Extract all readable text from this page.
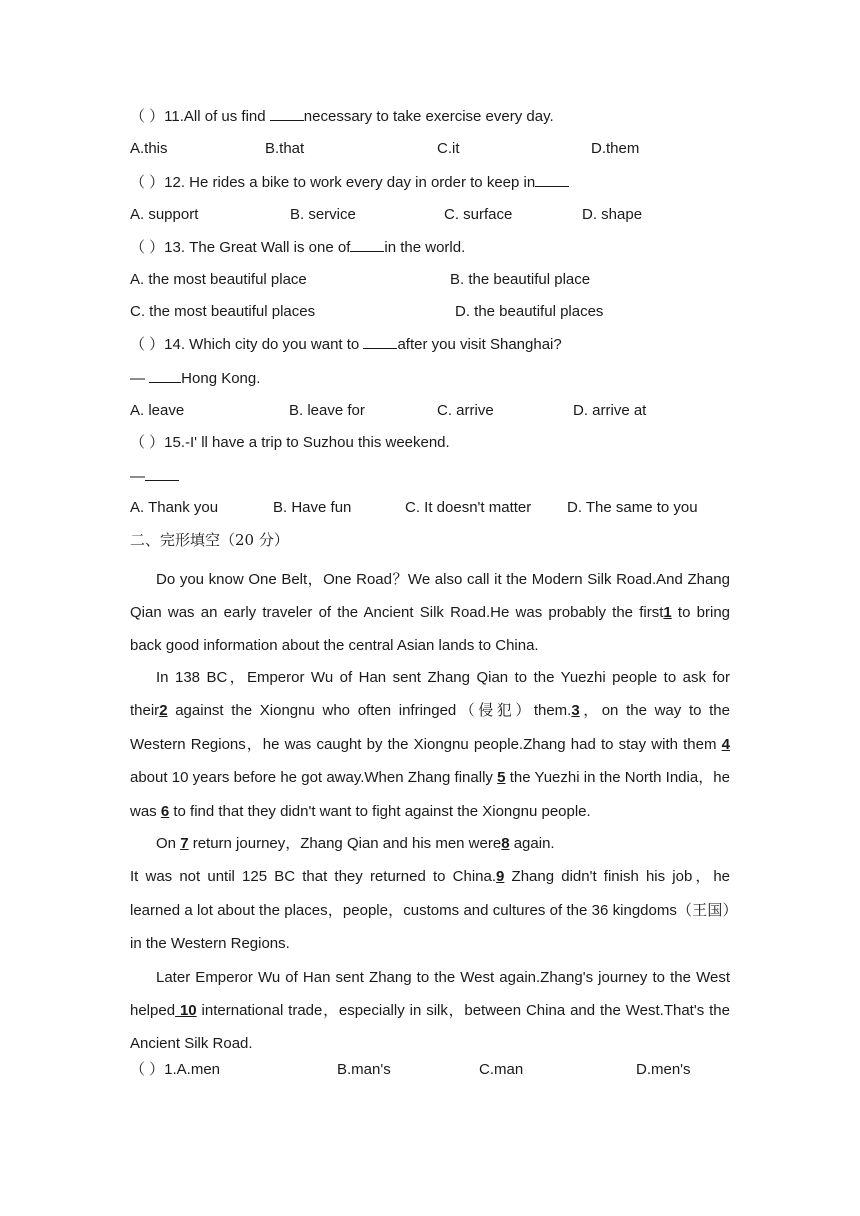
（ ）11.All of us find necessary to take exercise every day.
A.this	B.that	C.it	D.them
（ ）12. He rides a bike to work every day in order to keep in
A. support	B. service	C. surface	D. shape
（ ）13. The Great Wall is one of in the world.
A. the most beautiful place	B. the beautiful place
C. the most beautiful places	D. the beautiful places
（ ）14. Which city do you want to after you visit Shanghai?
— Hong Kong.
A. leave	B. leave for	C. arrive	D. arrive at
（ ）15.-I' ll have a trip to Suzhou this weekend.
—
A. Thank you	B. Have fun	C. It doesn't matter D. The same to you
二、完形填空（20 分）
Do you know One Belt，One Road？We also call it the Modern Silk Road.And Zhang Qian was an early traveler of the Ancient Silk Road.He was probably the first1 to bring back good information about the central Asian lands to China.
In 138 BC，Emperor Wu of Han sent Zhang Qian to the Yuezhi people to ask for their2 against the Xiongnu who often infringed（侵犯）them.3，on the way to the Western Regions，he was caught by the Xiongnu people.Zhang had to stay with them 4 about 10 years before he got away.When Zhang finally 5 the Yuezhi in the North India，he was 6 to find that they didn't want to fight against the Xiongnu people.
On 7 return journey，Zhang Qian and his men were8 again.
It was not until 125 BC that they returned to China.9 Zhang didn't finish his job，he learned a lot about the places，people，customs and cultures of the 36 kingdoms（王国）in the Western Regions.
Later Emperor Wu of Han sent Zhang to the West again.Zhang's journey to the West helped 10 international trade，especially in silk，between China and the West.That's the Ancient Silk Road.
（ ）1.A.men	B.man's	C.man	D.men's
